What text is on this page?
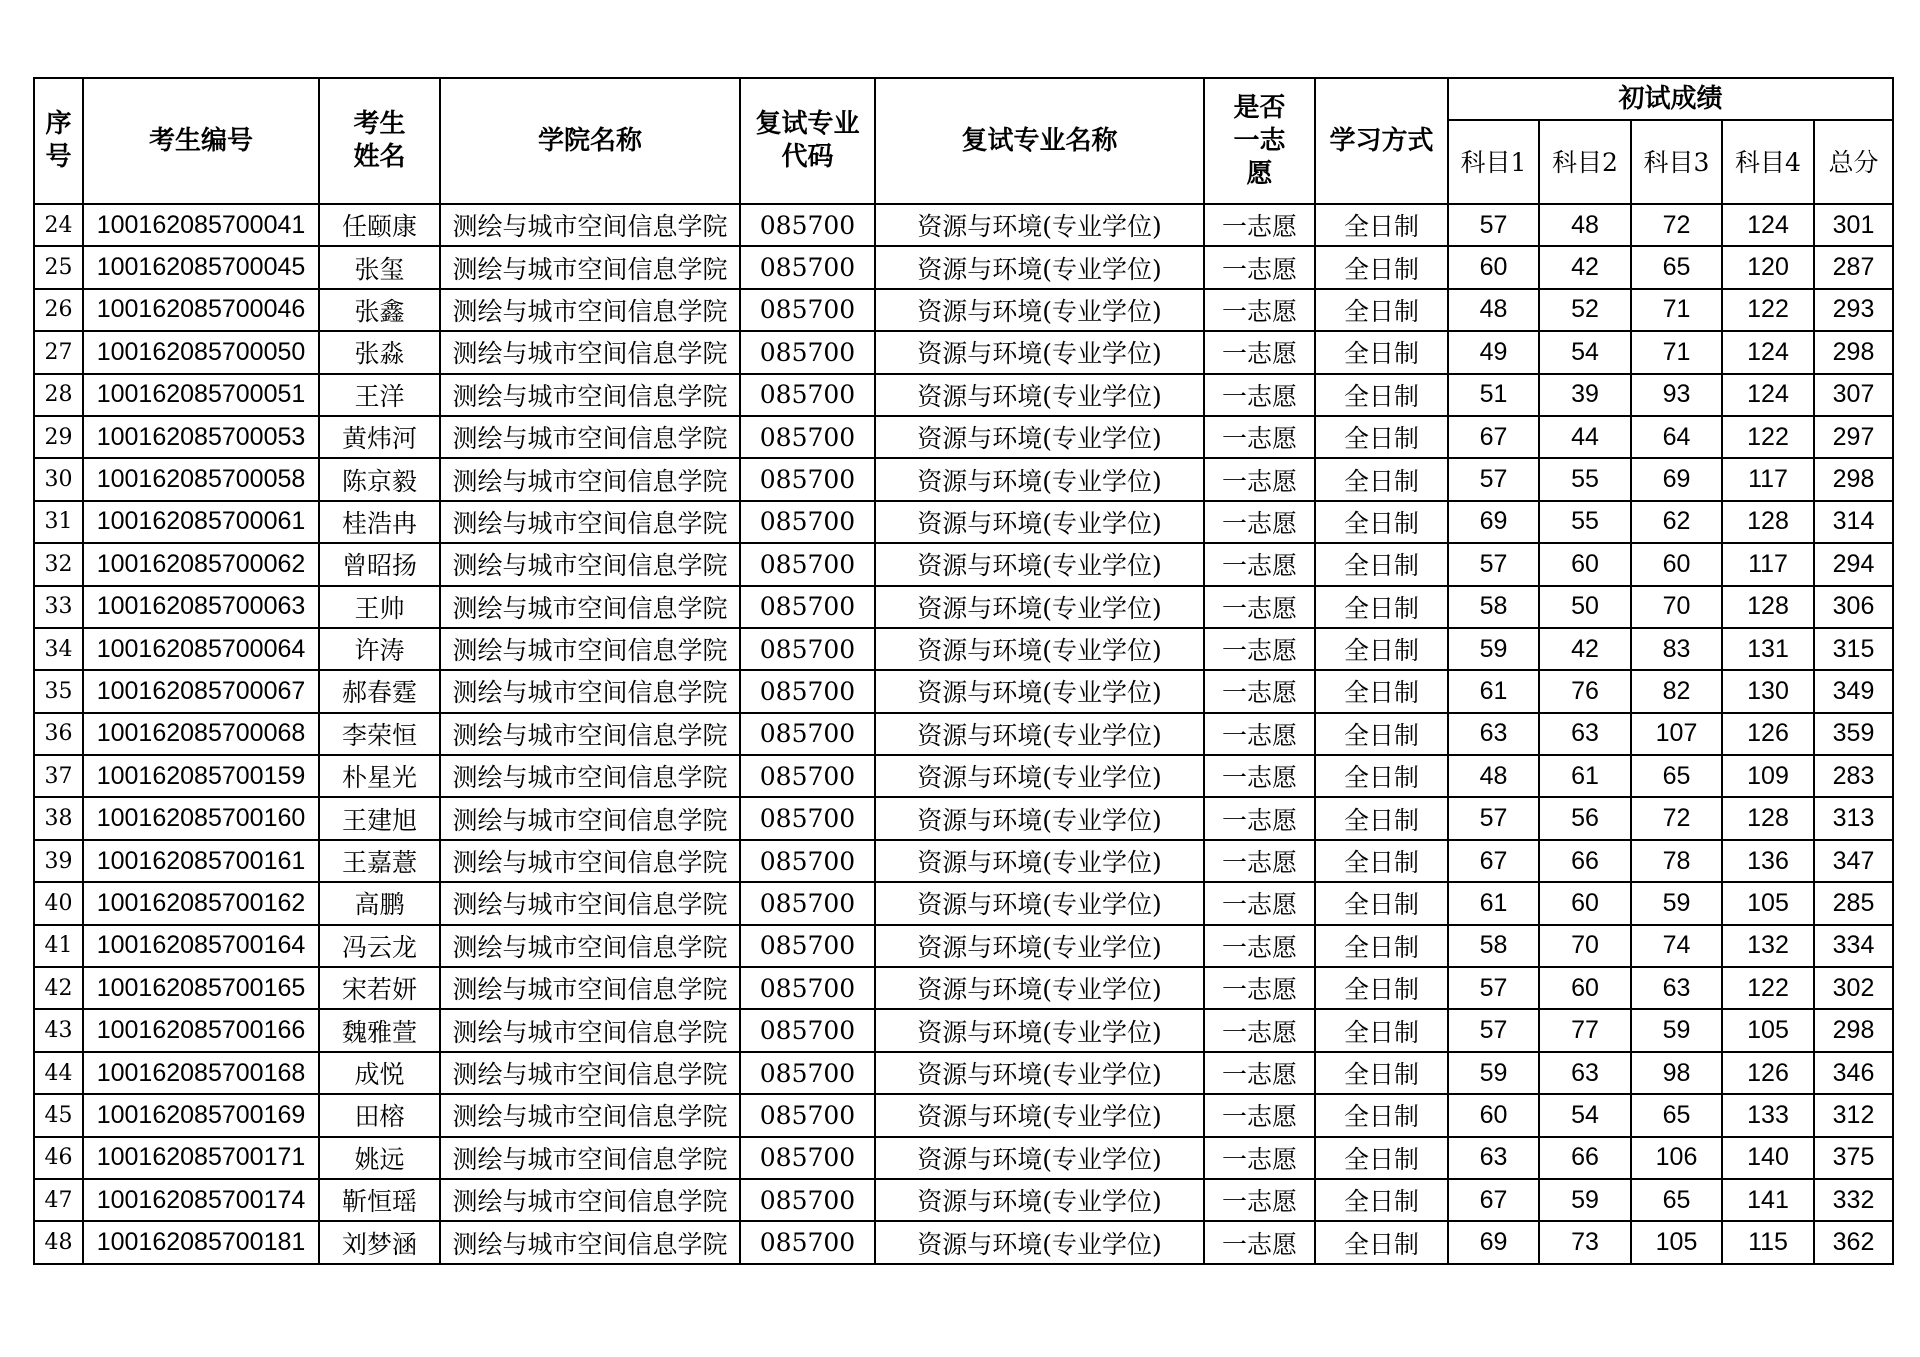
序号	考生编号	考生姓名	学院名称	复试专业代码	复试专业名称	是否一志愿	学习方式	初试成绩				
								科目1	科目2	科目3	科目4	总分
24	100162085700041	任颐康	测绘与城市空间信息学院	085700	资源与环境(专业学位)	一志愿	全日制	57	48	72	124	301
25	100162085700045	张玺	测绘与城市空间信息学院	085700	资源与环境(专业学位)	一志愿	全日制	60	42	65	120	287
26	100162085700046	张鑫	测绘与城市空间信息学院	085700	资源与环境(专业学位)	一志愿	全日制	48	52	71	122	293
27	100162085700050	张淼	测绘与城市空间信息学院	085700	资源与环境(专业学位)	一志愿	全日制	49	54	71	124	298
28	100162085700051	王洋	测绘与城市空间信息学院	085700	资源与环境(专业学位)	一志愿	全日制	51	39	93	124	307
29	100162085700053	黄炜河	测绘与城市空间信息学院	085700	资源与环境(专业学位)	一志愿	全日制	67	44	64	122	297
30	100162085700058	陈京毅	测绘与城市空间信息学院	085700	资源与环境(专业学位)	一志愿	全日制	57	55	69	117	298
31	100162085700061	桂浩冉	测绘与城市空间信息学院	085700	资源与环境(专业学位)	一志愿	全日制	69	55	62	128	314
32	100162085700062	曾昭扬	测绘与城市空间信息学院	085700	资源与环境(专业学位)	一志愿	全日制	57	60	60	117	294
33	100162085700063	王帅	测绘与城市空间信息学院	085700	资源与环境(专业学位)	一志愿	全日制	58	50	70	128	306
34	100162085700064	许涛	测绘与城市空间信息学院	085700	资源与环境(专业学位)	一志愿	全日制	59	42	83	131	315
35	100162085700067	郝春霆	测绘与城市空间信息学院	085700	资源与环境(专业学位)	一志愿	全日制	61	76	82	130	349
36	100162085700068	李荣恒	测绘与城市空间信息学院	085700	资源与环境(专业学位)	一志愿	全日制	63	63	107	126	359
37	100162085700159	朴星光	测绘与城市空间信息学院	085700	资源与环境(专业学位)	一志愿	全日制	48	61	65	109	283
38	100162085700160	王建旭	测绘与城市空间信息学院	085700	资源与环境(专业学位)	一志愿	全日制	57	56	72	128	313
39	100162085700161	王嘉薏	测绘与城市空间信息学院	085700	资源与环境(专业学位)	一志愿	全日制	67	66	78	136	347
40	100162085700162	高鹏	测绘与城市空间信息学院	085700	资源与环境(专业学位)	一志愿	全日制	61	60	59	105	285
41	100162085700164	冯云龙	测绘与城市空间信息学院	085700	资源与环境(专业学位)	一志愿	全日制	58	70	74	132	334
42	100162085700165	宋若妍	测绘与城市空间信息学院	085700	资源与环境(专业学位)	一志愿	全日制	57	60	63	122	302
43	100162085700166	魏雅萱	测绘与城市空间信息学院	085700	资源与环境(专业学位)	一志愿	全日制	57	77	59	105	298
44	100162085700168	成悦	测绘与城市空间信息学院	085700	资源与环境(专业学位)	一志愿	全日制	59	63	98	126	346
45	100162085700169	田榕	测绘与城市空间信息学院	085700	资源与环境(专业学位)	一志愿	全日制	60	54	65	133	312
46	100162085700171	姚远	测绘与城市空间信息学院	085700	资源与环境(专业学位)	一志愿	全日制	63	66	106	140	375
47	100162085700174	靳恒瑶	测绘与城市空间信息学院	085700	资源与环境(专业学位)	一志愿	全日制	67	59	65	141	332
48	100162085700181	刘梦涵	测绘与城市空间信息学院	085700	资源与环境(专业学位)	一志愿	全日制	69	73	105	115	362
